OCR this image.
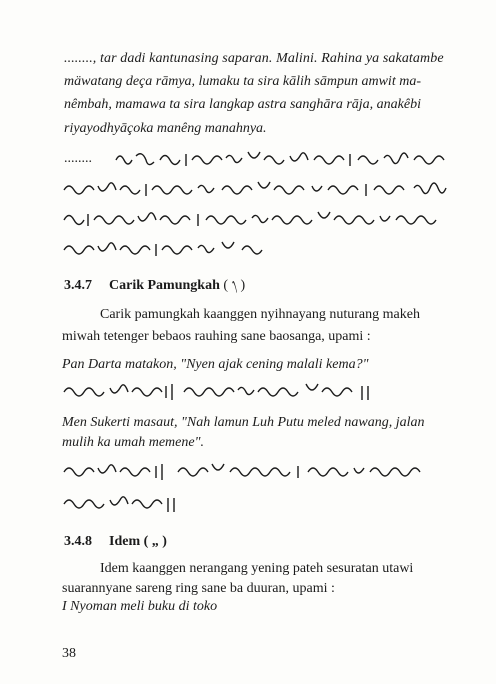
........, tar dadi kantunasing saparan. Malini. Rahina ya sakatambe
mäwatang deça rāmya, lumaku ta sira kālih sāmpun amwit ma-
nêmbah, mamawa ta sira langkap astra sanghāra rāja, anakêbi
riyayodhyāçoka manêng manahnya.
........
3.4.7 Carik Pamungkah ( ᭞ )
Carik pamungkah kaanggen nyihnayang nuturang makeh
miwah tetenger bebaos rauhing sane baosanga, upami :
Pan Darta matakon, "Nyen ajak cening malali kema?"
Men Sukerti masaut, "Nah lamun Luh Putu meled nawang, jalan
mulih ka umah memene".
3.4.8 Idem ( „ )
Idem kaanggen nerangang yening pateh sesuratan utawi
suarannyane sareng ring sane ba duuran, upami :
I Nyoman meli buku di toko
38
